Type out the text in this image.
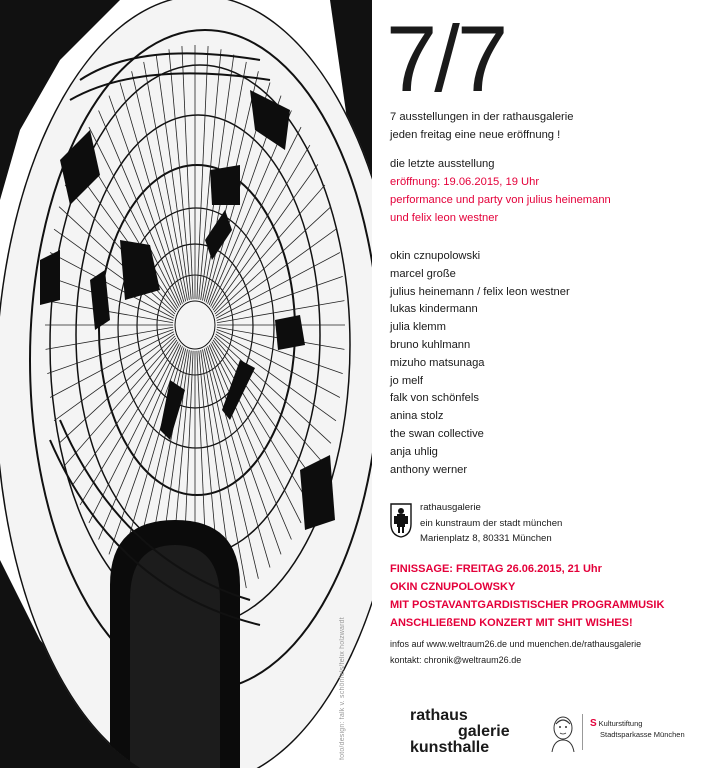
foto/design: falk v. schönfels/felix holzwardt
7/7
7 ausstellungen in der rathausgalerie
jeden freitag eine neue eröffnung !
die letzte ausstellung
eröffnung: 19.06.2015, 19 Uhr
performance und party von julius heinemann
und felix leon westner
okin cznupolowski
marcel große
julius heinemann / felix leon westner
lukas kindermann
julia klemm
bruno kuhlmann
mizuho matsunaga
jo melf
falk von schönfels
anina stolz
the swan collective
anja uhlig
anthony werner
rathausgalerie
ein kunstraum der stadt münchen
Marienplatz 8, 80331 München
FINISSAGE: FREITAG 26.06.2015, 21 Uhr
OKIN CZNUPOLOWSKY
MIT POSTAVANTGARDISTISCHER PROGRAMMUSIK
ANSCHLIEßEND KONZERT MIT SHIT WISHES!
infos auf www.weltraum26.de und muenchen.de/rathausgalerie
kontakt: chronik@weltraum26.de
rathaus
galerie
kunsthalle
S Kulturstiftung
Stadtsparkasse München
